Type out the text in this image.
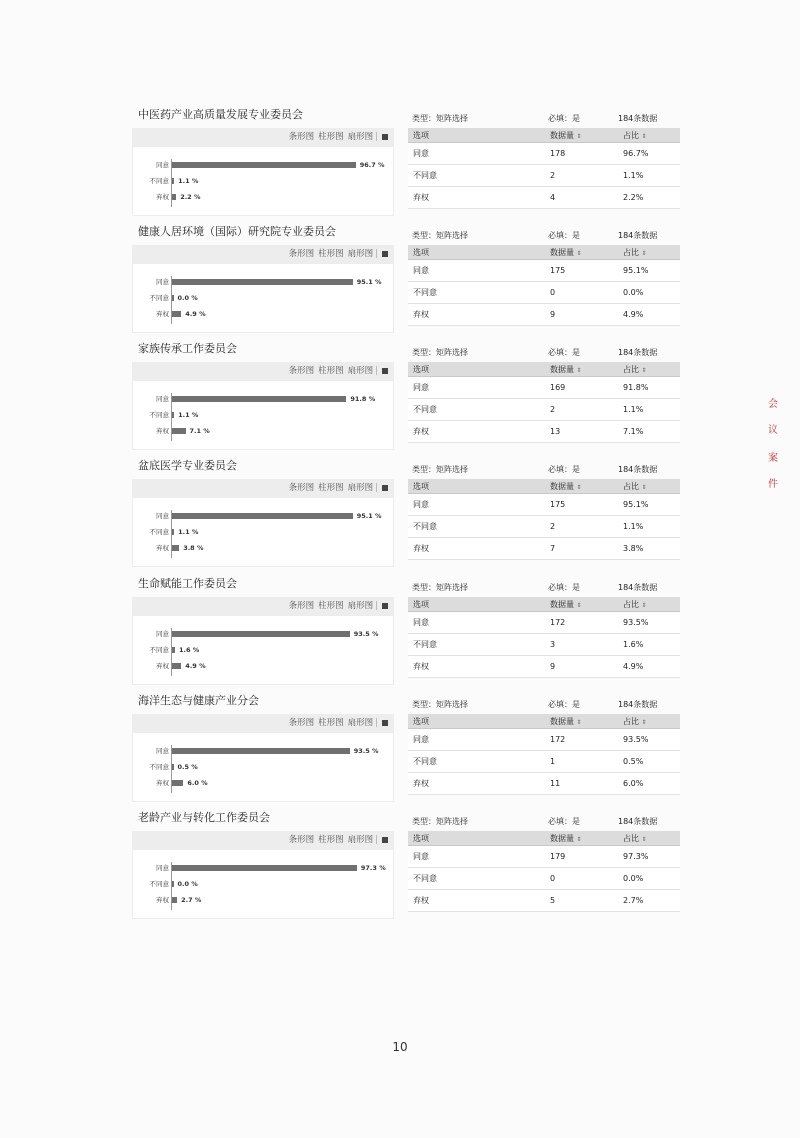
中医药产业高质量发展专业委员会
条形图 柱形图 扇形图 |
同意	96.7 %
不同意 1.1 %
弃权 2.2 %
类型：矩阵选择	必填：是	184条数据
选项	数据量 ⇕	占比 ⇕
同意	178	96.7%
不同意	2	1.1%
弃权	4	2.2%
健康人居环境（国际）研究院专业委员会
条形图 柱形图 扇形图 |
同意	95.1 %
不同意 0.0 %
弃权	4.9 %
类型：矩阵选择	必填：是	184条数据
选项	数据量 ⇕	占比 ⇕
同意	175	95.1%
不同意	0	0.0%
弃权	9	4.9%
家族传承工作委员会
条形图 柱形图 扇形图 |
同意	91.8 %
不同意 1.1 %
弃权	7.1 %
类型：矩阵选择	必填：是	184条数据
选项	数据量 ⇕	占比 ⇕
同意	169	91.8%
不同意	2	1.1%
弃权	13	7.1%
盆底医学专业委员会
条形图 柱形图 扇形图 |
同意	95.1 %
不同意 1.1 %
弃权 3.8 %
类型：矩阵选择	必填：是	184条数据
选项	数据量 ⇕	占比 ⇕
同意	175	95.1%
不同意	2	1.1%
弃权	7	3.8%
生命赋能工作委员会
条形图 柱形图 扇形图 |
同意	93.5 %
不同意 1.6 %
弃权	4.9 %
类型：矩阵选择	必填：是	184条数据
选项	数据量 ⇕	占比 ⇕
同意	172	93.5%
不同意	3	1.6%
弃权	9	4.9%
海洋生态与健康产业分会
条形图 柱形图 扇形图 |
同意	93.5 %
不同意 0.5 %
弃权	6.0 %
类型：矩阵选择	必填：是	184条数据
选项	数据量 ⇕	占比 ⇕
同意	172	93.5%
不同意	1	0.5%
弃权	11	6.0%
老龄产业与转化工作委员会
条形图 柱形图 扇形图 |
同意	97.3 %
不同意 0.0 %
弃权 2.7 %
类型：矩阵选择	必填：是	184条数据
选项	数据量 ⇕	占比 ⇕
同意	179	97.3%
不同意	0	0.0%
弃权	5	2.7%
10
会
议
案
件
